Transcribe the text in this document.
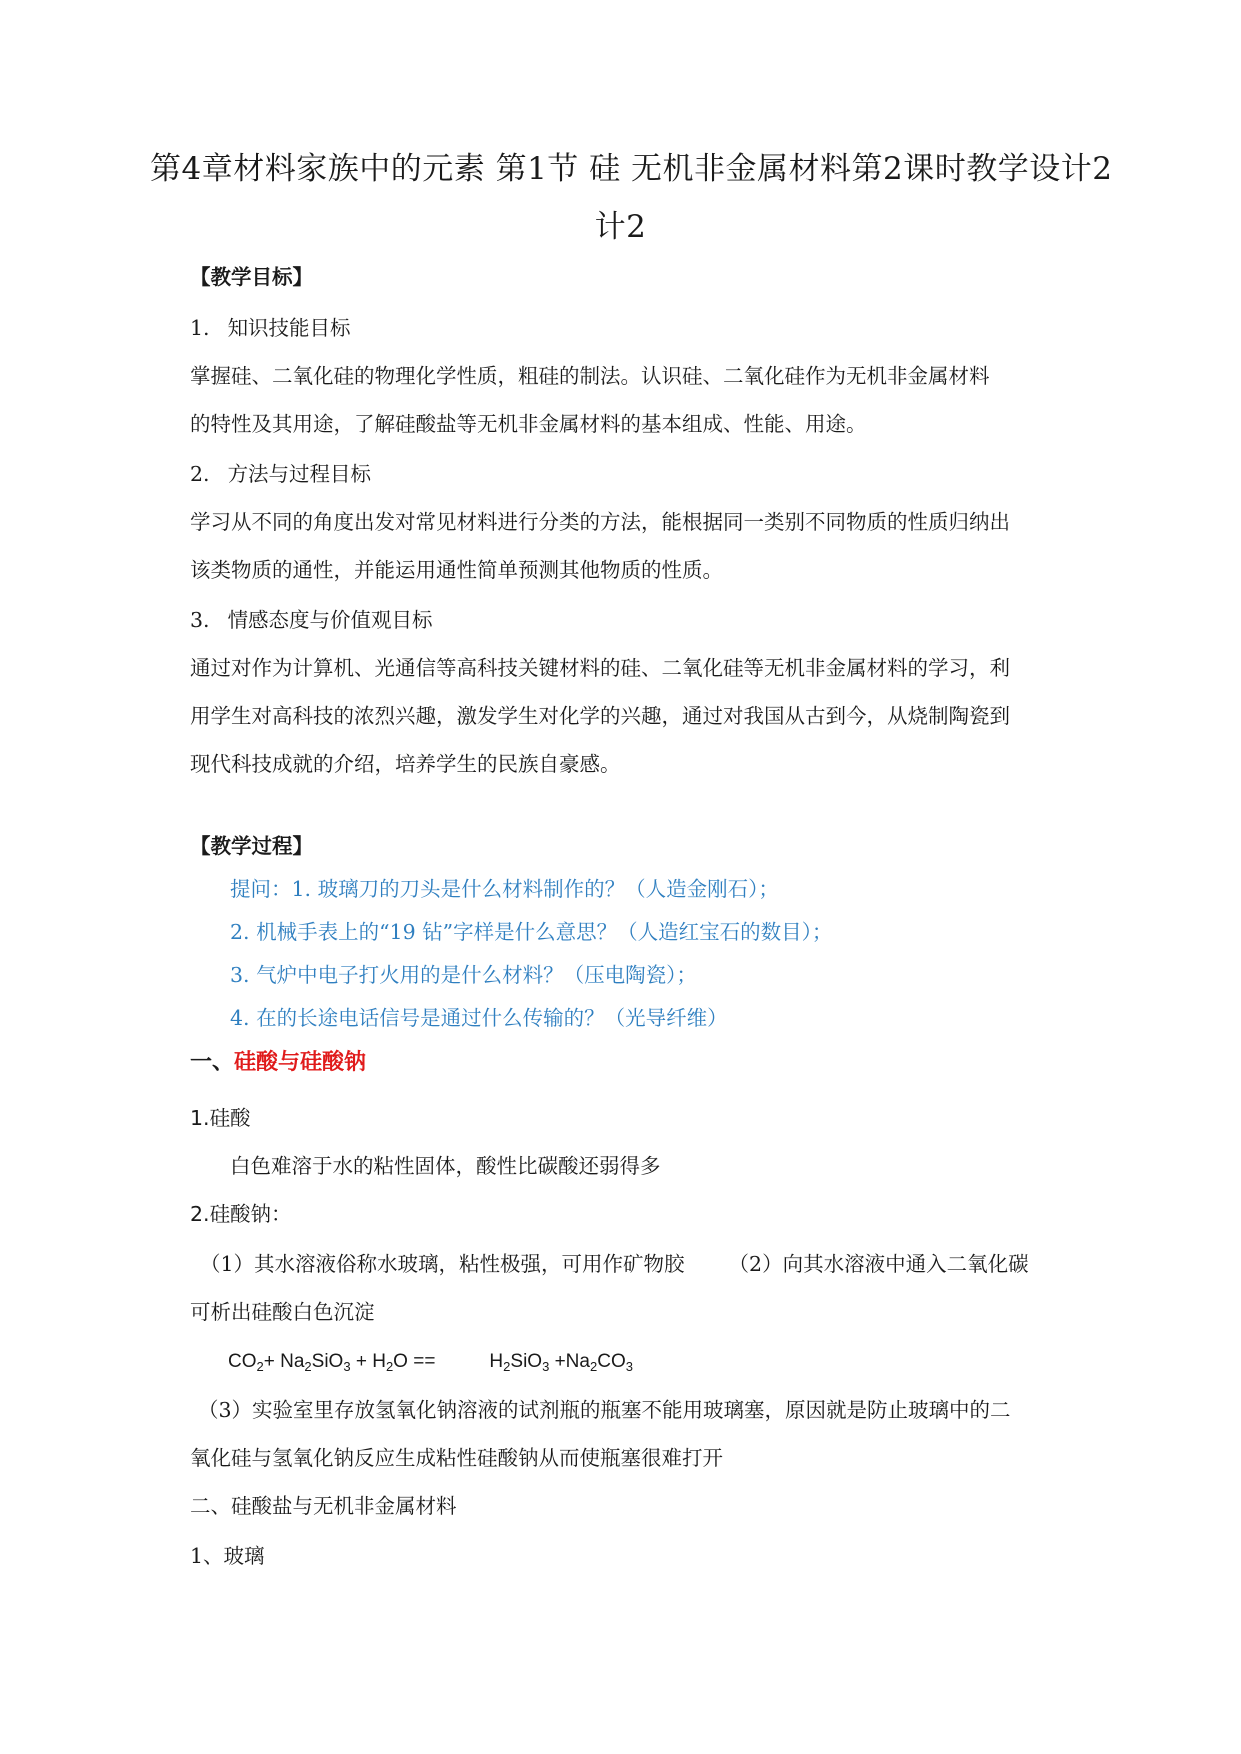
第4章材料家族中的元素 第1节 硅 无机非金属材料第2课时教学设计2
计2
【教学目标】
1. 知识技能目标
掌握硅、二氧化硅的物理化学性质，粗硅的制法。认识硅、二氧化硅作为无机非金属材料
的特性及其用途，了解硅酸盐等无机非金属材料的基本组成、性能、用途。
2. 方法与过程目标
学习从不同的角度出发对常见材料进行分类的方法，能根据同一类别不同物质的性质归纳出
该类物质的通性，并能运用通性简单预测其他物质的性质。
3. 情感态度与价值观目标
通过对作为计算机、光通信等高科技关键材料的硅、二氧化硅等无机非金属材料的学习，利
用学生对高科技的浓烈兴趣，激发学生对化学的兴趣，通过对我国从古到今，从烧制陶瓷到
现代科技成就的介绍，培养学生的民族自豪感。
【教学过程】
提问：1. 玻璃刀的刀头是什么材料制作的？（人造金刚石）；
2. 机械手表上的“19 钻”字样是什么意思？（人造红宝石的数目）；
3. 气炉中电子打火用的是什么材料？（压电陶瓷）；
4. 在的长途电话信号是通过什么传输的？（光导纤维）
一、硅酸与硅酸钠
1.硅酸
白色难溶于水的粘性固体，酸性比碳酸还弱得多
2.硅酸钠：
（1）其水溶液俗称水玻璃，粘性极强，可用作矿物胶 （2）向其水溶液中通入二氧化碳
可析出硅酸白色沉淀
$CO_2+ Na_2SiO_3 + H_2O$ ==	$H_2SiO_3 +Na_2CO_3$
（3）实验室里存放氢氧化钠溶液的试剂瓶的瓶塞不能用玻璃塞，原因就是防止玻璃中的二
氧化硅与氢氧化钠反应生成粘性硅酸钠从而使瓶塞很难打开
二、硅酸盐与无机非金属材料
1、玻璃
